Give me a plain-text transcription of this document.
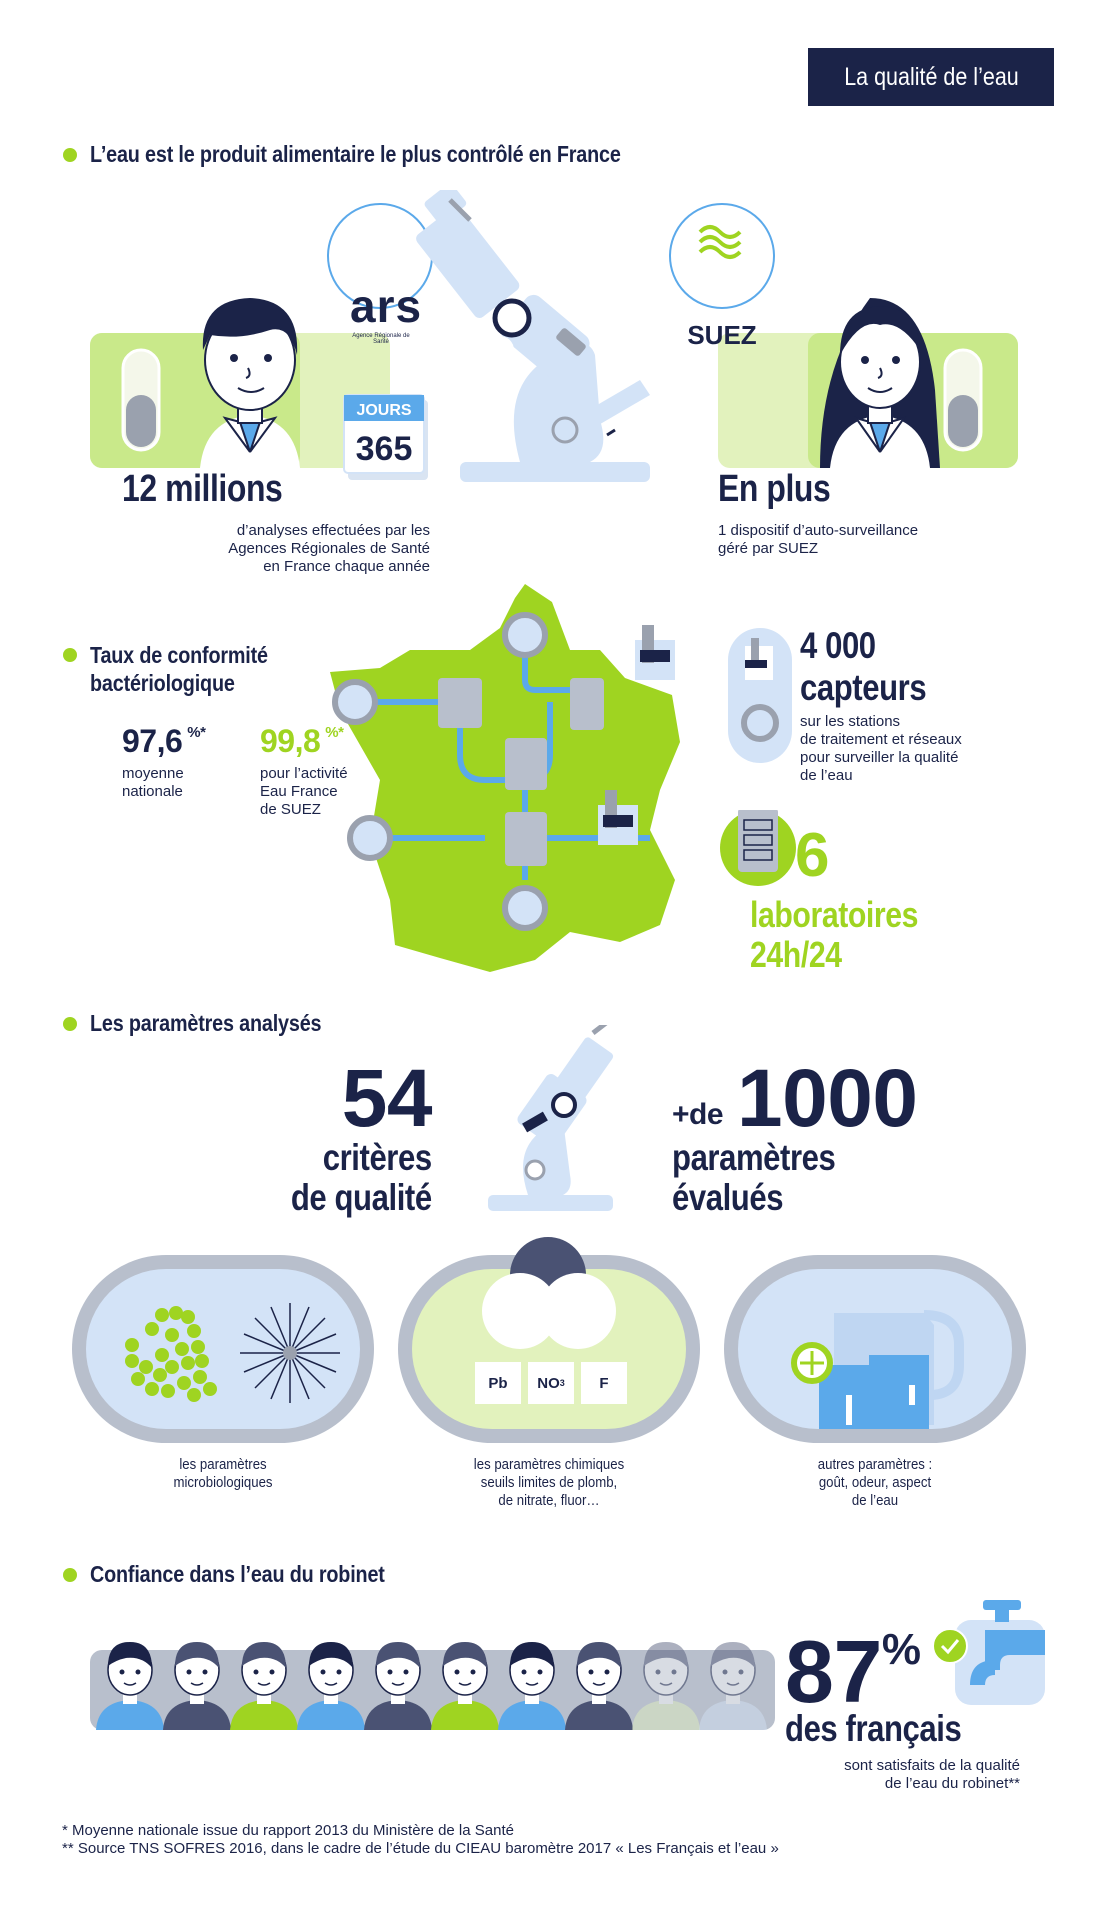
La qualité de l’eau
L’eau est le produit alimentaire le plus contrôlé en France
ars
Agence Régionale de Santé	SUEZ
JOURS
365
12 millions
d’analyses effectuées par les
Agences Régionales de Santé
en France chaque année
En plus
1 dispositif d’auto-surveillance
géré par SUEZ
Taux de conformité
bactériologique
97,6 %*
moyenne
nationale
99,8 %*
pour l’activité
Eau France
de SUEZ
4 000
capteurs
sur les stations
de traitement et réseaux
pour surveiller la qualité
de l’eau
6
laboratoires
24h/24
Les paramètres analysés
54
critères
de qualité
+de 1000
paramètres
évalués
Pb NO 3 F
les paramètres
microbiologiques
les paramètres chimiques
seuils limites de plomb,
de nitrate, fluor…
autres paramètres :
goût, odeur, aspect
de l’eau
Confiance dans l’eau du robinet
87%
des français
sont satisfaits de la qualité
de l’eau du robinet**
* Moyenne nationale issue du rapport 2013 du Ministère de la Santé
** Source TNS SOFRES 2016, dans le cadre de l’étude du CIEAU baromètre 2017 « Les Français et l’eau »
